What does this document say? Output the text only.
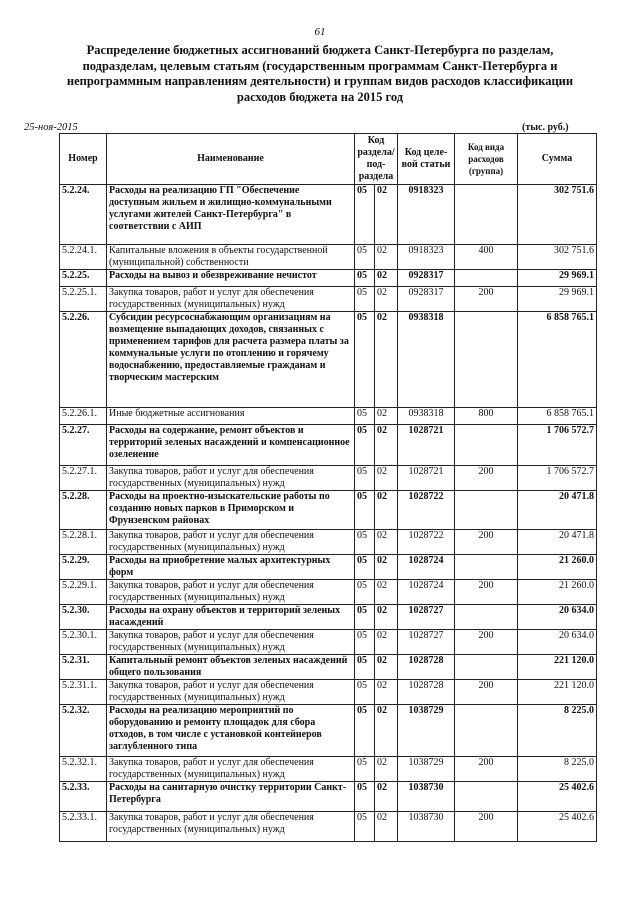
61
Распределение бюджетных ассигнований бюджета Санкт-Петербурга по разделам, подразделам, целевым статьям (государственным программам Санкт-Петербурга и непрограммным направлениям деятельности) и группам видов расходов классификации расходов бюджета на 2015 год
25-ноя-2015	(тыс. руб.)
Номер	Наименование	Код раздела/ под-раздела		Код целе-вой статьи	Код вида расходов (группа)	Сумма
5.2.24.	Расходы на реализацию ГП "Обеспечение доступным жильем и жилищно-коммунальными услугами жителей Санкт-Петербурга" в соответствии с АИП	05	02	0918323		302 751.6
5.2.24.1.	Капитальные вложения в объекты государственной (муниципальной) собственности	05	02	0918323	400	302 751.6
5.2.25.	Расходы на вывоз и обезвреживание нечистот	05	02	0928317		29 969.1
5.2.25.1.	Закупка товаров, работ и услуг для обеспечения государственных (муниципальных) нужд	05	02	0928317	200	29 969.1
5.2.26.	Субсидии ресурсоснабжающим организациям на возмещение выпадающих доходов, связанных с применением тарифов для расчета размера платы за коммунальные услуги по отоплению и горячему водоснабжению, предоставляемые гражданам и творческим мастерским	05	02	0938318		6 858 765.1
5.2.26.1.	Иные бюджетные ассигнования	05	02	0938318	800	6 858 765.1
5.2.27.	Расходы на содержание, ремонт объектов и территорий зеленых насаждений и компенсационное озеленение	05	02	1028721		1 706 572.7
5.2.27.1.	Закупка товаров, работ и услуг для обеспечения государственных (муниципальных) нужд	05	02	1028721	200	1 706 572.7
5.2.28.	Расходы на проектно-изыскательские работы по созданию новых парков в Приморском и Фрунзенском районах	05	02	1028722		20 471.8
5.2.28.1.	Закупка товаров, работ и услуг для обеспечения государственных (муниципальных) нужд	05	02	1028722	200	20 471.8
5.2.29.	Расходы на приобретение малых архитектурных форм	05	02	1028724		21 260.0
5.2.29.1.	Закупка товаров, работ и услуг для обеспечения государственных (муниципальных) нужд	05	02	1028724	200	21 260.0
5.2.30.	Расходы на охрану объектов и территорий зеленых насаждений	05	02	1028727		20 634.0
5.2.30.1.	Закупка товаров, работ и услуг для обеспечения государственных (муниципальных) нужд	05	02	1028727	200	20 634.0
5.2.31.	Капитальный ремонт объектов зеленых насаждений общего пользования	05	02	1028728		221 120.0
5.2.31.1.	Закупка товаров, работ и услуг для обеспечения государственных (муниципальных) нужд	05	02	1028728	200	221 120.0
5.2.32.	Расходы на реализацию мероприятий по оборудованию и ремонту площадок для сбора отходов, в том числе с установкой контейнеров заглубленного типа	05	02	1038729		8 225.0
5.2.32.1.	Закупка товаров, работ и услуг для обеспечения государственных (муниципальных) нужд	05	02	1038729	200	8 225.0
5.2.33.	Расходы на санитарную очистку территории Санкт-Петербурга	05	02	1038730		25 402.6
5.2.33.1.	Закупка товаров, работ и услуг для обеспечения государственных (муниципальных) нужд	05	02	1038730	200	25 402.6
